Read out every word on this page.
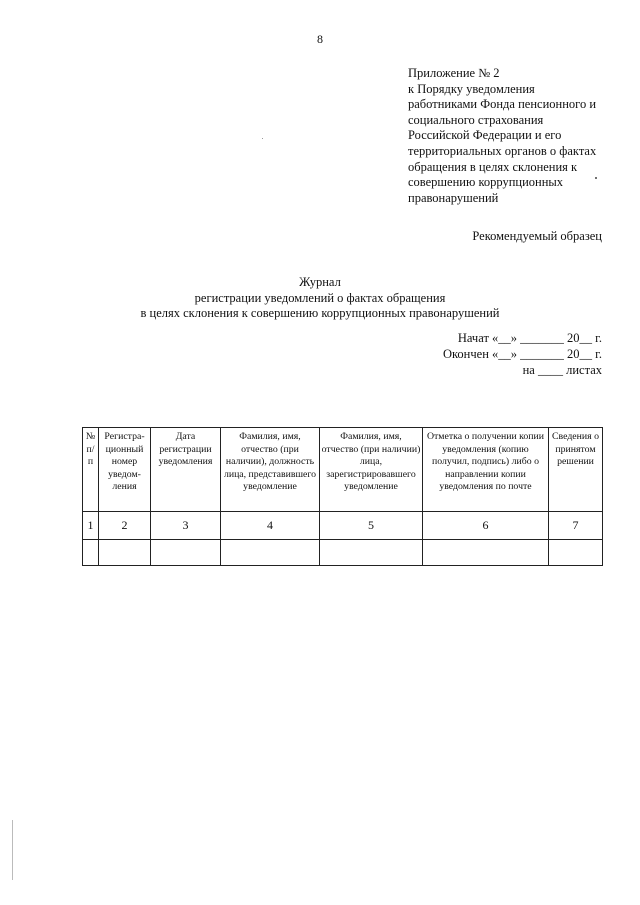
8
Приложение № 2
к Порядку уведомления
работниками Фонда пенсионного и
социального страхования
Российской Федерации и его
территориальных органов о фактах
обращения в целях склонения к
совершению коррупционных
правонарушений
Рекомендуемый образец
Журнал
регистрации уведомлений о фактах обращения
в целях склонения к совершению коррупционных правонарушений
Начат «__» _______ 20__ г.
Окончен «__» _______ 20__ г.
на ____ листах
№ п/п	Регистра-ционный номер уведом-ления	Дата регистрации уведомления	Фамилия, имя, отчество (при наличии), должность лица, представившего уведомление	Фамилия, имя, отчество (при наличии) лица, зарегистрировавшего уведомление	Отметка о получении копии уведомления (копию получил, подпись) либо о направлении копии уведомления по почте	Сведения о принятом решении
1	2	3	4	5	6	7
